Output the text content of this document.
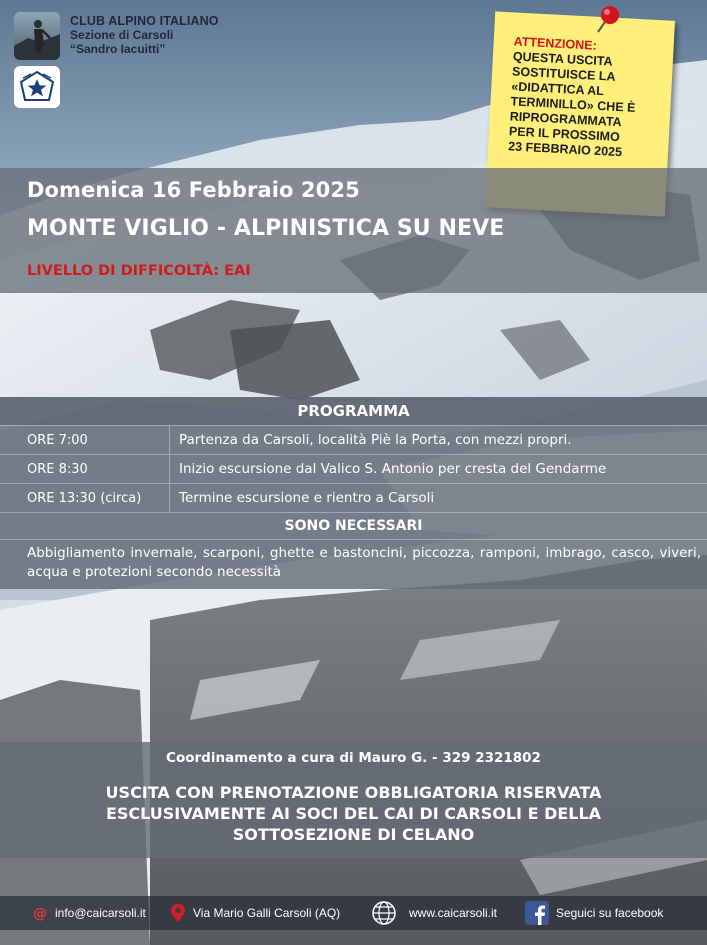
CLUB ALPINO ITALIANO
Sezione di Carsoli
“Sandro Iacuitti”	ATTENZIONE:
QUESTA USCITA
SOSTITUISCE LA
«DIDATTICA AL
TERMINILLO» CHE È
RIPROGRAMMATA
PER IL PROSSIMO
23 FEBBRAIO 2025
Domenica 16 Febbraio 2025
MONTE VIGLIO - ALPINISTICA SU NEVE
LIVELLO DI DIFFICOLTÀ: EAI
PROGRAMMA
ORE 7:00	Partenza da Carsoli, località Piè la Porta, con mezzi propri.
ORE 8:30	Inizio escursione dal Valico S. Antonio per cresta del Gendarme
ORE 13:30 (circa)	Termine escursione e rientro a Carsoli
SONO NECESSARI
Abbigliamento invernale, scarponi, ghette e bastoncini, piccozza, ramponi, imbrago, casco, viveri, acqua e protezioni secondo necessità
Coordinamento a cura di Mauro G. - 329 2321802
USCITA CON PRENOTAZIONE OBBLIGATORIA RISERVATA
ESCLUSIVAMENTE AI SOCI DEL CAI DI CARSOLI E DELLA
SOTTOSEZIONE DI CELANO
@ info@caicarsoli.it	Via Mario Galli Carsoli (AQ)	www.caicarsoli.it	Seguici su facebook
